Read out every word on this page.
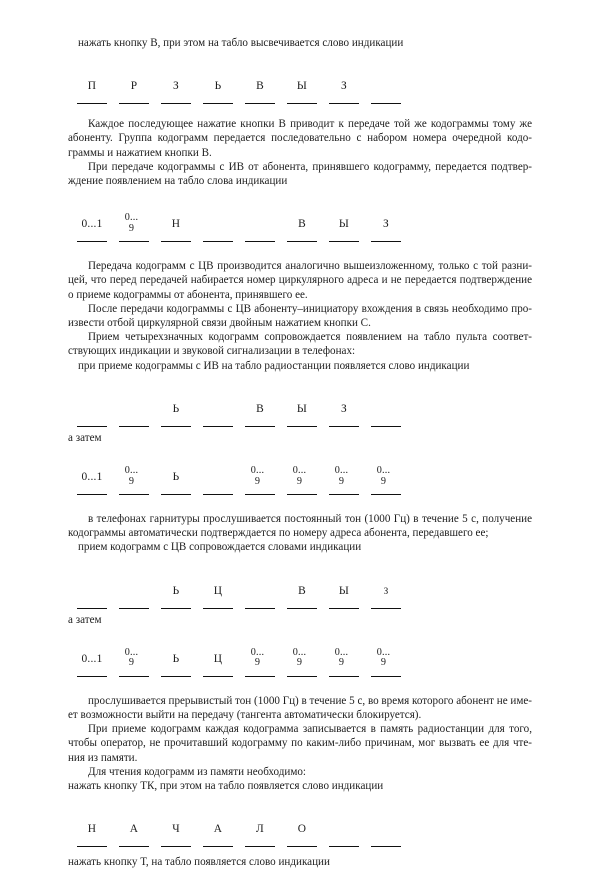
нажать кнопку В, при этом на табло высвечивается слово индикации

П	Р	З	Ь	В	Ы	З

Каждое последующее нажатие кнопки В приводит к передаче той же кодограммы тому же абоненту. Группа кодограмм передается последовательно с набором номера очередной кодо-граммы и нажатием кнопки В.

При передаче кодограммы с ИВ от абонента, принявшего кодограмму, передается подтвер-ждение появлением на табло слова индикации

0...1
0...
9	Н	В	Ы	З

Передача кодограмм с ЦВ производится аналогично вышеизложенному, только с той разни-цей, что перед передачей набирается номер циркулярного адреса и не передается подтверждение о приеме кодограммы от абонента, принявшего ее.

После передачи кодограммы с ЦВ абоненту–инициатору вхождения в связь необходимо про-извести отбой циркулярной связи двойным нажатием кнопки С.

Прием четырехзначных кодограмм сопровождается появлением на табло пульта соответ-ствующих индикации и звуковой сигнализации в телефонах:

при приеме кодограммы с ИВ на табло радиостанции появляется слово индикации

Ь	В	Ы	З

а затем

0...1
0...
9	Ь
0...
9
0...
9
0...
9
0...
9

в телефонах гарнитуры прослушивается постоянный тон (1000 Гц) в течение 5 с, получение кодограммы автоматически подтверждается по номеру адреса абонента, передавшего ее;

прием кодограмм с ЦВ сопровождается словами индикации

Ь	Ц	В	Ы	З

а затем

0...1
0...
9	Ь	Ц
0...
9
0...
9
0...
9
0...
9

прослушивается прерывистый тон (1000 Гц) в течение 5 с, во время которого абонент не име-ет возможности выйти на передачу (тангента автоматически блокируется).

При приеме кодограмм каждая кодограмма записывается в память радиостанции для того, чтобы оператор, не прочитавший кодограмму по каким-либо причинам, мог вызвать ее для чте-ния из памяти.

Для чтения кодограмм из памяти необходимо:

нажать кнопку ТК, при этом на табло появляется слово индикации

Н	А	Ч	А	Л	О

нажать кнопку Т, на табло появляется слово индикации
